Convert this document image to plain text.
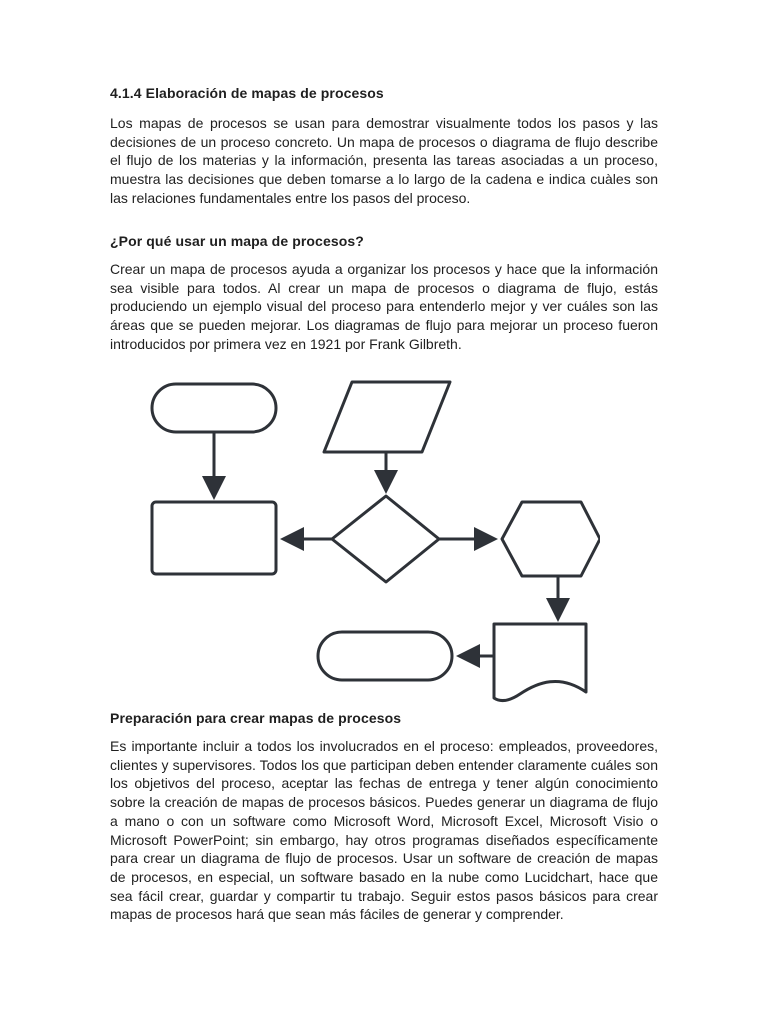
4.1.4 Elaboración de mapas de procesos

Los mapas de procesos se usan para demostrar visualmente todos los pasos y las decisiones de un proceso concreto. Un mapa de procesos o diagrama de flujo describe el flujo de los materias y la información, presenta las tareas asociadas a un proceso, muestra las decisiones que deben tomarse a lo largo de la cadena e indica cuàles son las relaciones fundamentales entre los pasos del proceso.

¿Por qué usar un mapa de procesos?

Crear un mapa de procesos ayuda a organizar los procesos y hace que la información sea visible para todos. Al crear un mapa de procesos o diagrama de flujo, estás produciendo un ejemplo visual del proceso para entenderlo mejor y ver cuáles son las áreas que se pueden mejorar. Los diagramas de flujo para mejorar un proceso fueron introducidos por primera vez en 1921 por Frank Gilbreth.

Preparación para crear mapas de procesos

Es importante incluir a todos los involucrados en el proceso: empleados, proveedores, clientes y supervisores. Todos los que participan deben entender claramente cuáles son los objetivos del proceso, aceptar las fechas de entrega y tener algún conocimiento sobre la creación de mapas de procesos básicos. Puedes generar un diagrama de flujo a mano o con un software como Microsoft Word, Microsoft Excel, Microsoft Visio o Microsoft PowerPoint; sin embargo, hay otros programas diseñados específicamente para crear un diagrama de flujo de procesos. Usar un software de creación de mapas de procesos, en especial, un software basado en la nube como Lucidchart, hace que sea fácil crear, guardar y compartir tu trabajo. Seguir estos pasos básicos para crear mapas de procesos hará que sean más fáciles de generar y comprender.
